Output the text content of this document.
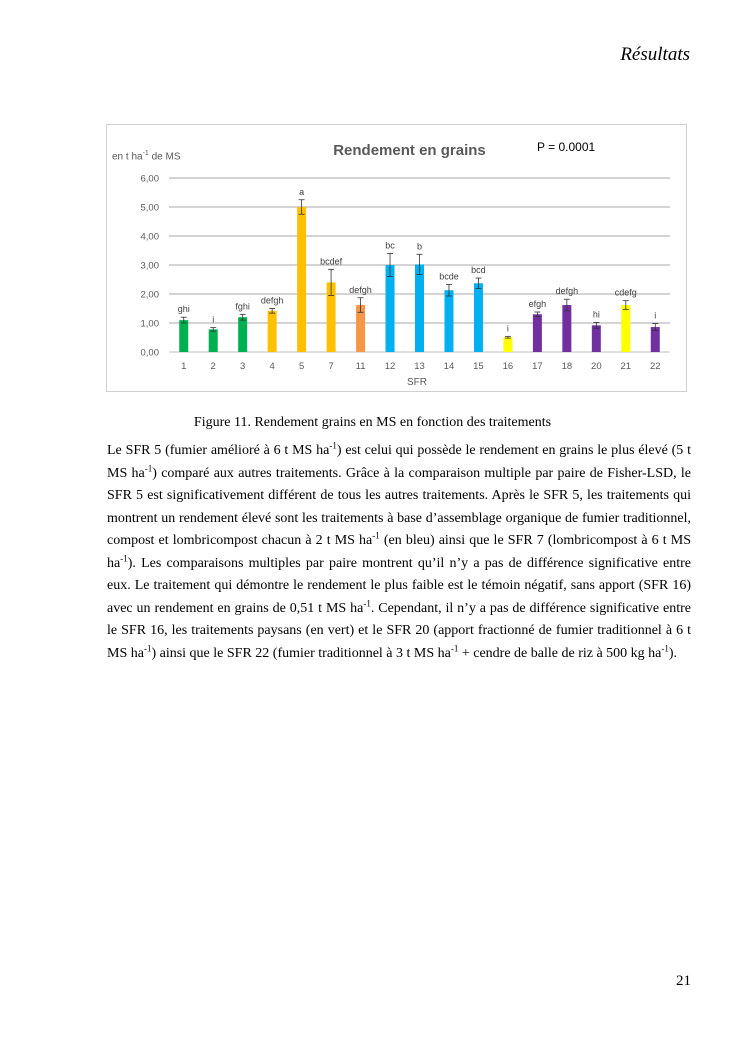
Résultats
0,00
1,00
2,00
3,00
4,00
5,00
6,00
ghi
1
i
2
fghi
3
defgh
4
a
5
bcdef
7
defgh
11
bc
12
b
13
bcde
14
bcd
15
i
16
efgh
17
defgh
18
hi
20
cdefg
21
i
22
Rendement en grains	P = 0.0001
en t $ha^{-1}$ de MS
SFR
Figure 11. Rendement grains en MS en fonction des traitements

Le SFR 5 (fumier amélioré à 6 t MS $ha^{-1}$) est celui qui possède le rendement en grains le plus élevé (5 t MS $ha^{-1}$) comparé aux autres traitements. Grâce à la comparaison multiple par paire de Fisher-LSD, le SFR 5 est significativement différent de tous les autres traitements. Après le SFR 5, les traitements qui montrent un rendement élevé sont les traitements à base d’assemblage organique de fumier traditionnel, compost et lombricompost chacun à 2 t MS $ha^{-1}$ (en bleu) ainsi que le SFR 7 (lombricompost à 6 t MS $ha^{-1}$). Les comparaisons multiples par paire montrent qu’il n’y a pas de différence significative entre eux. Le traitement qui démontre le rendement le plus faible est le témoin négatif, sans apport (SFR 16) avec un rendement en grains de 0,51 t MS $ha^{-1}$. Cependant, il n’y a pas de différence significative entre le SFR 16, les traitements paysans (en vert) et le SFR 20 (apport fractionné de fumier traditionnel à 6 t MS $ha^{-1}$) ainsi que le SFR 22 (fumier traditionnel à 3 t MS $ha^{-1}$ + cendre de balle de riz à 500 kg $ha^{-1}$).

21
